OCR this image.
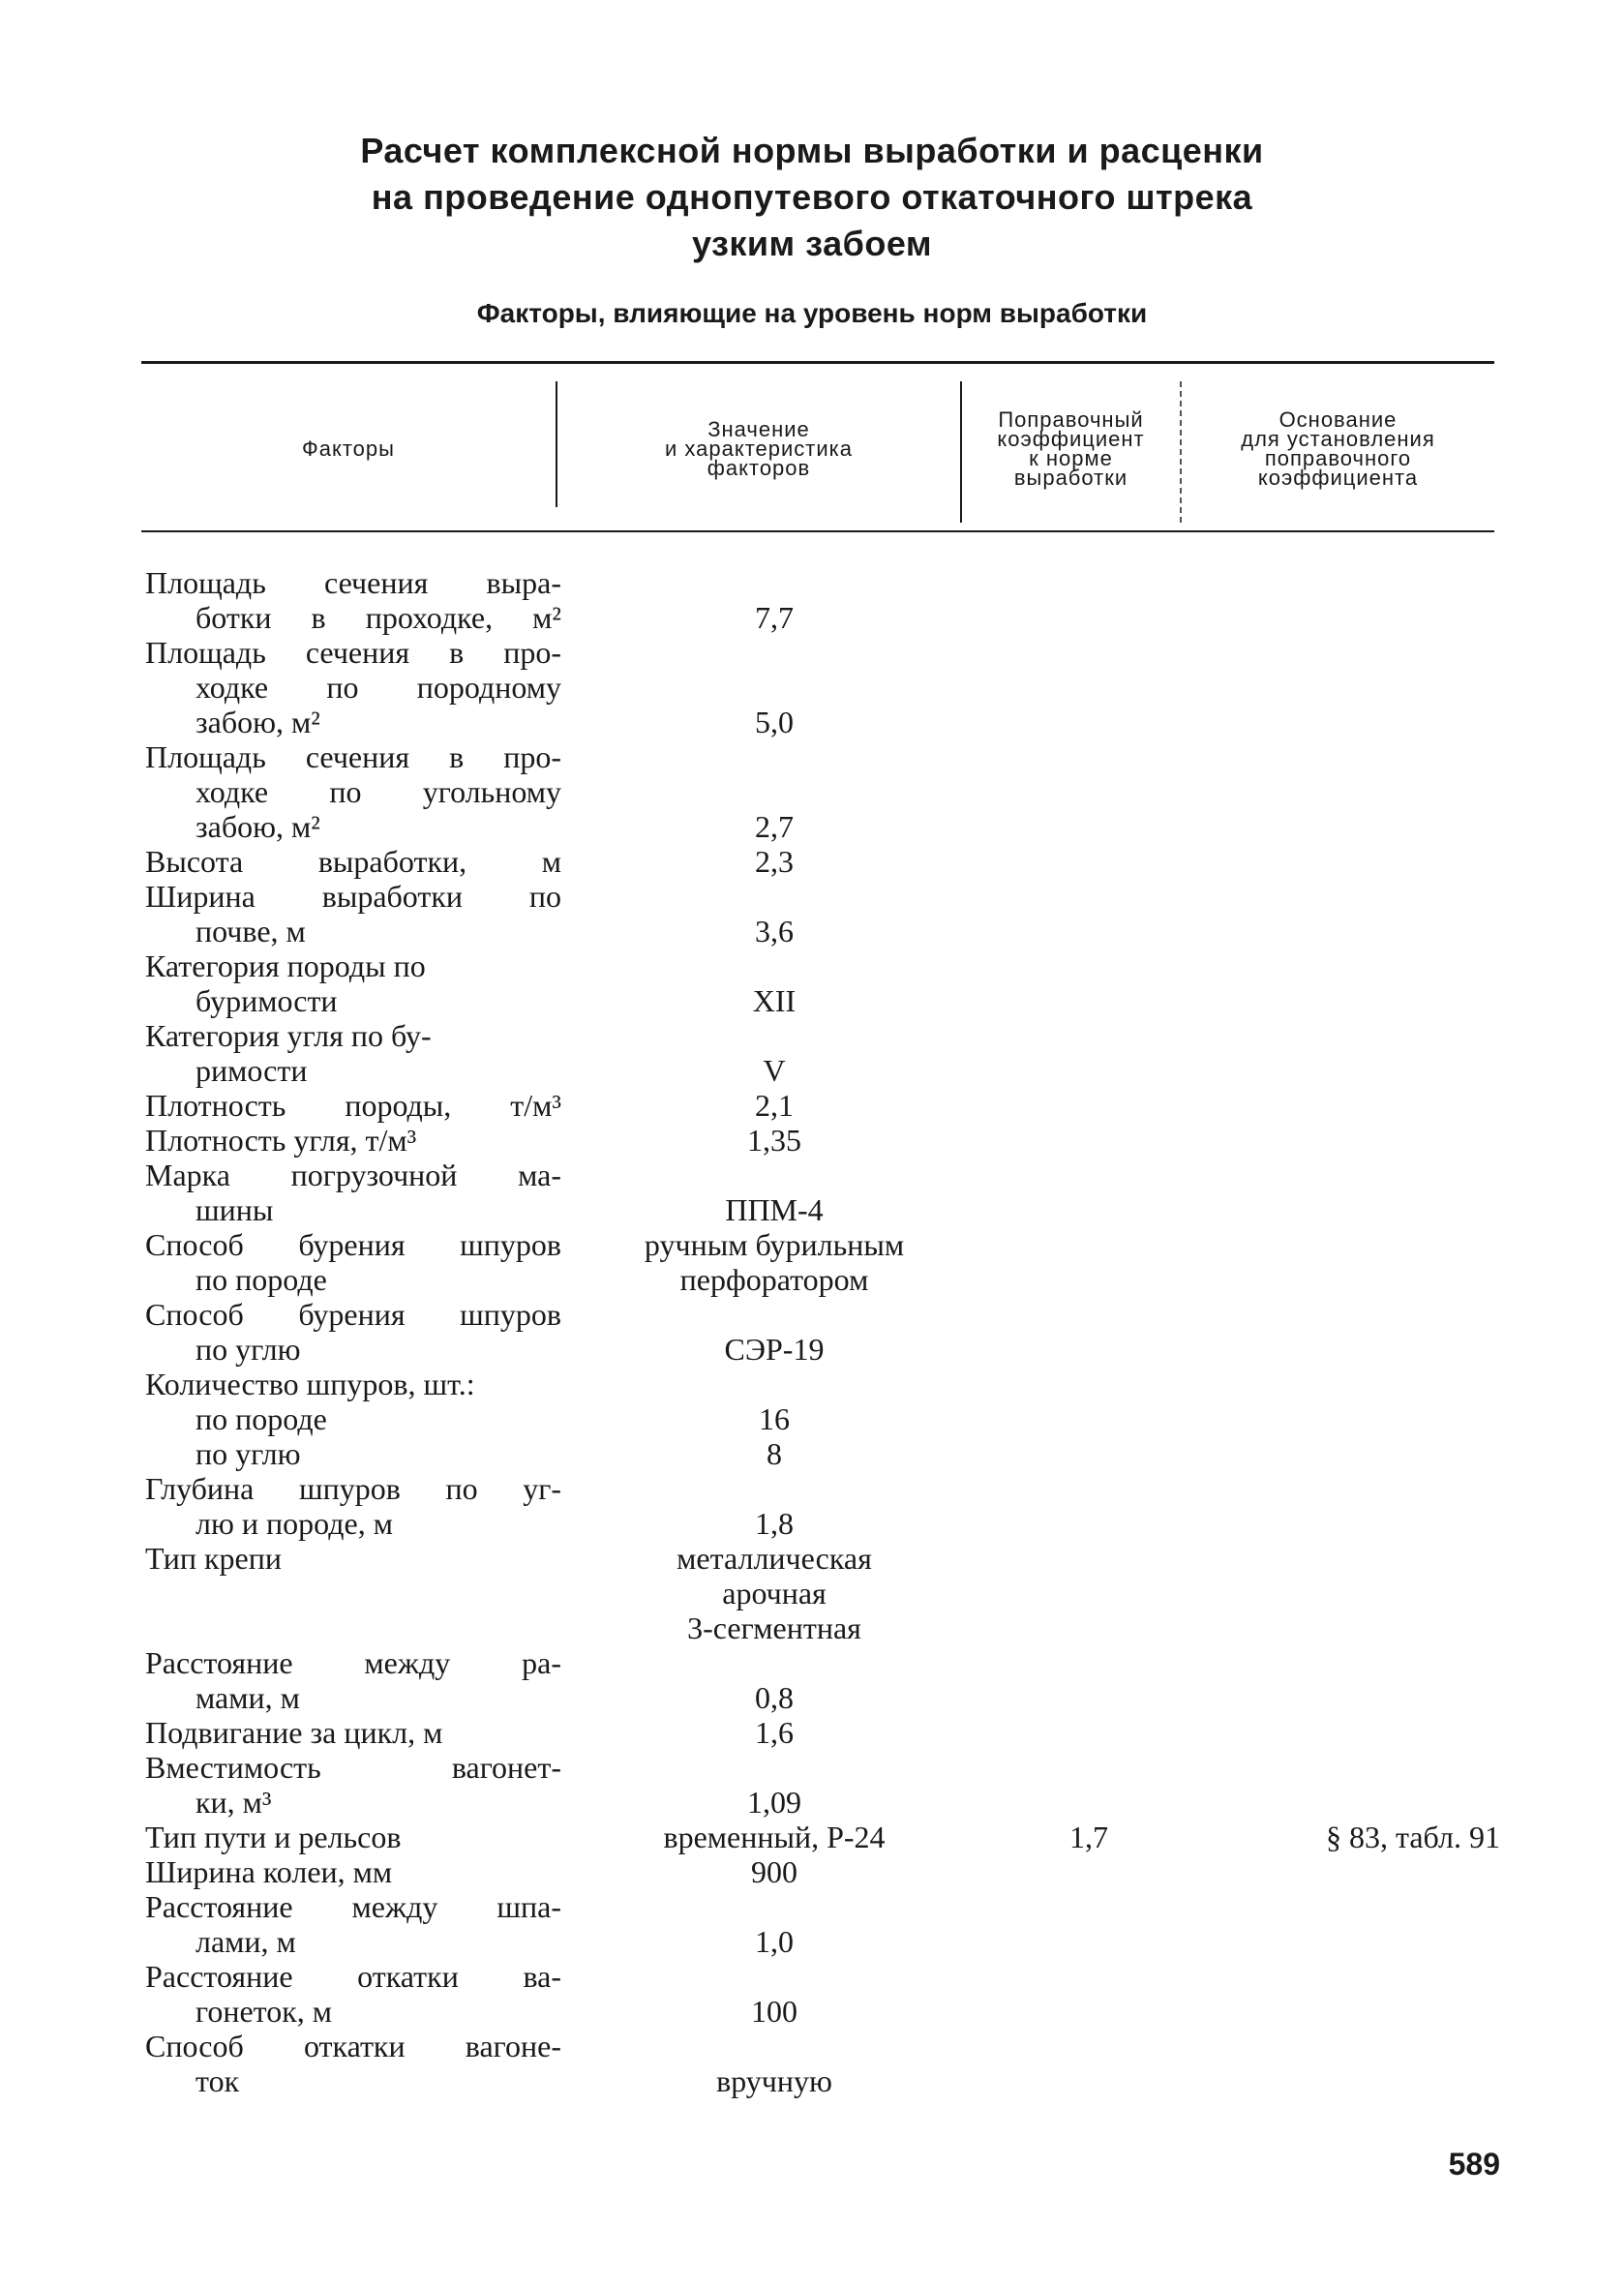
Расчет комплексной нормы выработки и расценки
на проведение однопутевого откаточного штрека
узким забоем
Факторы, влияющие на уровень норм выработки
Факторы
Значение
и характеристика
факторов
Поправочный
коэффициент
к норме
выработки
Основание
для установления
поправочного
коэффициента
Площадь сечения выра-
ботки в проходке, м²
Площадь сечения в про-
ходке по породному
забою, м²
Площадь сечения в про-
ходке по угольному
забою, м²
Высота выработки, м
Ширина выработки по
почве, м
Категория породы по
буримости
Категория угля по бу-
римости
Плотность породы, т/м³
Плотность угля, т/м³
Марка погрузочной ма-
шины
Способ бурения шпуров
по породе
Способ бурения шпуров
по углю
Количество шпуров, шт.:
по породе
по углю
Глубина шпуров по уг-
лю и породе, м
Тип крепи
Расстояние между ра-
мами, м
Подвигание за цикл, м
Вместимость	вагонет-
ки, м³
Тип пути и рельсов
Ширина колеи, мм
Расстояние между шпа-
лами, м
Расстояние откатки ва-
гонеток, м
Способ откатки вагоне-
ток
7,7
5,0
2,7
2,3
3,6
XII
V
2,1
1,35
ППМ-4
ручным бурильным
перфоратором
СЭР-19
16
8
1,8
металлическая
арочная
3-сегментная
0,8
1,6
1,09
временный, Р-24
900
1,0
100
вручную
1,7	§ 83, табл. 91
589
